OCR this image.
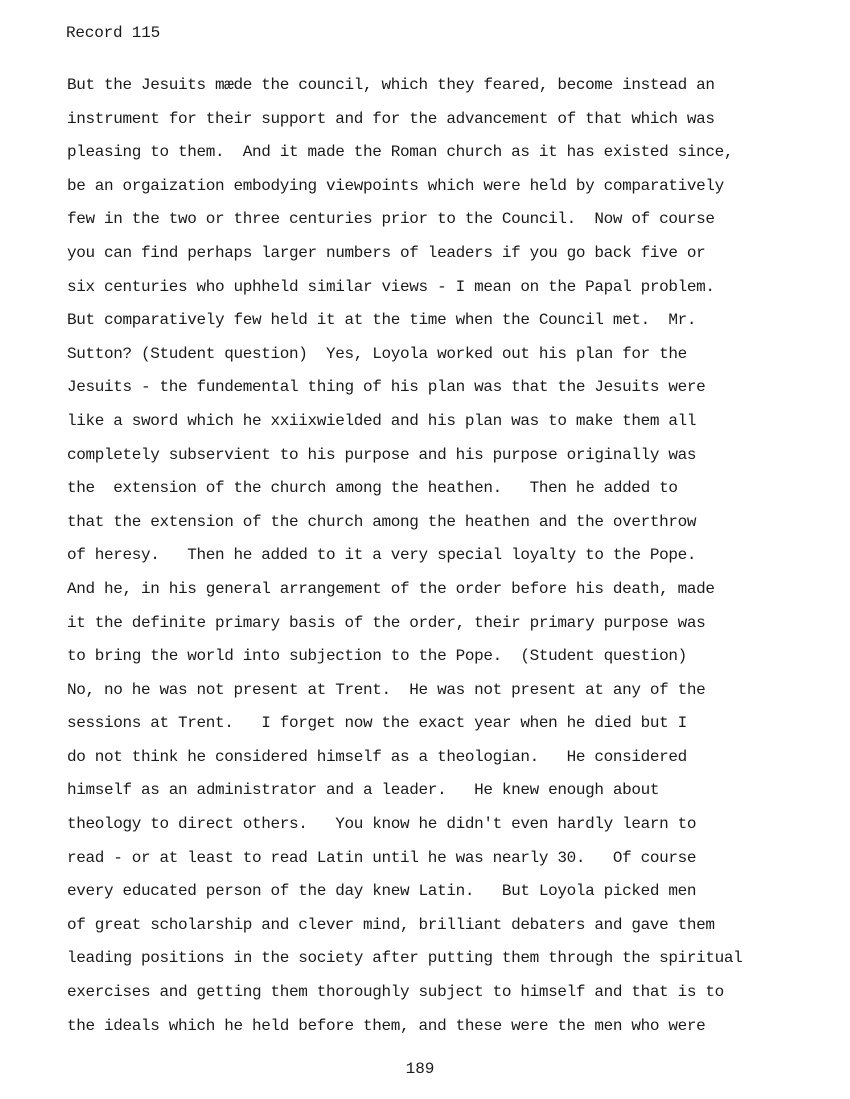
Record 115
But the Jesuits mæde the council, which they feared, become instead an
instrument for their support and for the advancement of that which was
pleasing to them.  And it made the Roman church as it has existed since,
be an orgaization embodying viewpoints which were held by comparatively
few in the two or three centuries prior to the Council.  Now of course
you can find perhaps larger numbers of leaders if you go back five or
six centuries who uphheld similar views - I mean on the Papal problem.
But comparatively few held it at the time when the Council met.  Mr.
Sutton? (Student question)  Yes, Loyola worked out his plan for the
Jesuits - the fundemental thing of his plan was that the Jesuits were
like a sword which he xxiixwielded and his plan was to make them all
completely subservient to his purpose and his purpose originally was
the  extension of the church among the heathen.   Then he added to
that the extension of the church among the heathen and the overthrow
of heresy.   Then he added to it a very special loyalty to the Pope.
And he, in his general arrangement of the order before his death, made
it the definite primary basis of the order, their primary purpose was
to bring the world into subjection to the Pope.  (Student question)
No, no he was not present at Trent.  He was not present at any of the
sessions at Trent.   I forget now the exact year when he died but I
do not think he considered himself as a theologian.   He considered
himself as an administrator and a leader.   He knew enough about
theology to direct others.   You know he didn't even hardly learn to
read - or at least to read Latin until he was nearly 30.   Of course
every educated person of the day knew Latin.   But Loyola picked men
of great scholarship and clever mind, brilliant debaters and gave them
leading positions in the society after putting them through the spiritual
exercises and getting them thoroughly subject to himself and that is to
the ideals which he held before them, and these were the men who were
189
